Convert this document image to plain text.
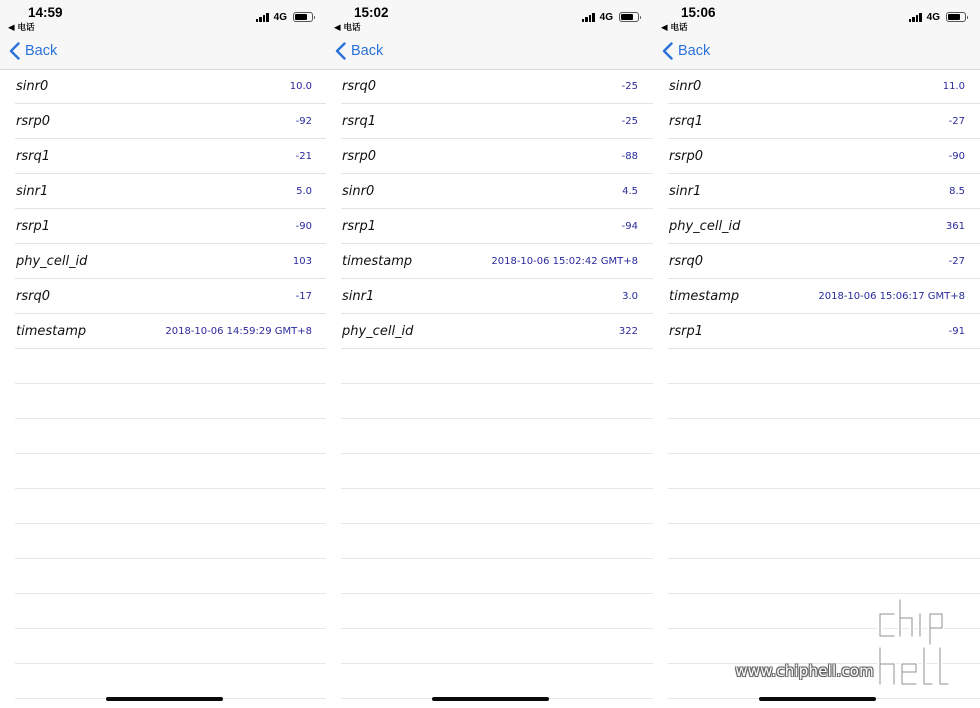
14:59
◀ 电话
4G
Back
sinr0	10.0
rsrp0	-92
rsrq1	-21
sinr1	5.0
rsrp1	-90
phy_cell_id	103
rsrq0	-17
timestamp	2018-10-06 14:59:29 GMT+8
15:02
◀ 电话
4G
Back
rsrq0	-25
rsrq1	-25
rsrp0	-88
sinr0	4.5
rsrp1	-94
timestamp	2018-10-06 15:02:42 GMT+8
sinr1	3.0
phy_cell_id	322
15:06
◀ 电话
4G
Back
sinr0	11.0
rsrq1	-27
rsrp0	-90
sinr1	8.5
phy_cell_id	361
rsrq0	-27
timestamp	2018-10-06 15:06:17 GMT+8
rsrp1	-91
www.chiphell.com
